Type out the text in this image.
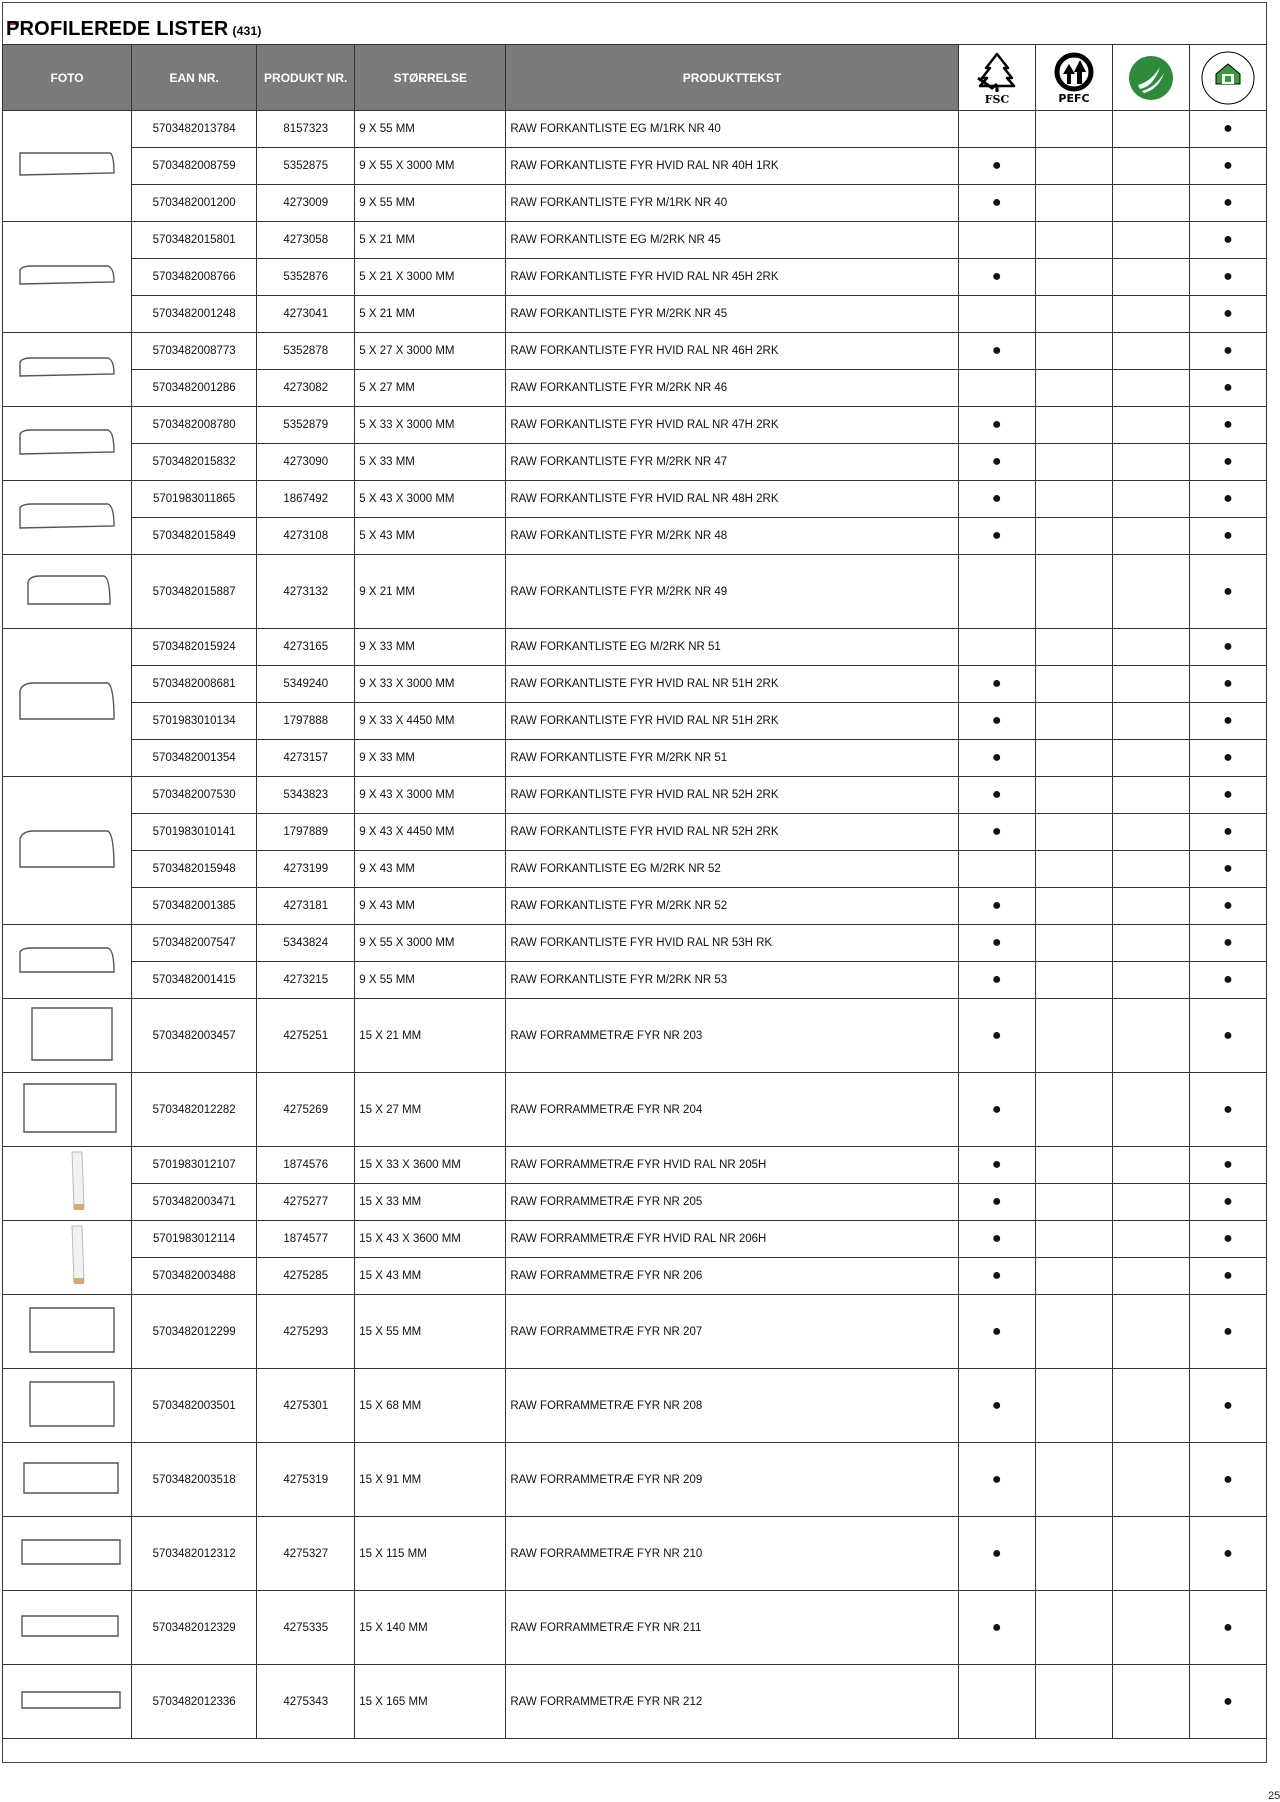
PROFILEREDE LISTER (431)
FOTO	EAN NR.	PRODUKT NR.	STØRRELSE	PRODUKTTEKST	FSC	PEFC

	5703482013784	8157323	9 X 55 MM	RAW FORKANTLISTE EG M/1RK NR 40				●
	5703482008759	5352875	9 X 55 X 3000 MM	RAW FORKANTLISTE FYR HVID RAL NR 40H 1RK	●			●
	5703482001200	4273009	9 X 55 MM	RAW FORKANTLISTE FYR M/1RK NR 40	●			●
	5703482015801	4273058	5 X 21 MM	RAW FORKANTLISTE EG M/2RK NR 45				●
	5703482008766	5352876	5 X 21 X 3000 MM	RAW FORKANTLISTE FYR HVID RAL NR 45H 2RK	●			●
	5703482001248	4273041	5 X 21 MM	RAW FORKANTLISTE FYR M/2RK NR 45				●
	5703482008773	5352878	5 X 27 X 3000 MM	RAW FORKANTLISTE FYR HVID RAL NR 46H 2RK	●			●
	5703482001286	4273082	5 X 27 MM	RAW FORKANTLISTE FYR M/2RK NR 46				●
	5703482008780	5352879	5 X 33 X 3000 MM	RAW FORKANTLISTE FYR HVID RAL NR 47H 2RK	●			●
	5703482015832	4273090	5 X 33 MM	RAW FORKANTLISTE FYR M/2RK NR 47	●			●
	5701983011865	1867492	5 X 43 X 3000 MM	RAW FORKANTLISTE FYR HVID RAL NR 48H 2RK	●			●
	5703482015849	4273108	5 X 43 MM	RAW FORKANTLISTE FYR M/2RK NR 48	●			●
	5703482015887	4273132	9 X 21 MM	RAW FORKANTLISTE FYR M/2RK NR 49				●
	5703482015924	4273165	9 X 33 MM	RAW FORKANTLISTE EG M/2RK NR 51				●
	5703482008681	5349240	9 X 33 X 3000 MM	RAW FORKANTLISTE FYR HVID RAL NR 51H 2RK	●			●
	5701983010134	1797888	9 X 33 X 4450 MM	RAW FORKANTLISTE FYR HVID RAL NR 51H 2RK	●			●
	5703482001354	4273157	9 X 33 MM	RAW FORKANTLISTE FYR M/2RK NR 51	●			●
	5703482007530	5343823	9 X 43 X 3000 MM	RAW FORKANTLISTE FYR HVID RAL NR 52H 2RK	●			●
	5701983010141	1797889	9 X 43 X 4450 MM	RAW FORKANTLISTE FYR HVID RAL NR 52H 2RK	●			●
	5703482015948	4273199	9 X 43 MM	RAW FORKANTLISTE EG M/2RK NR 52				●
	5703482001385	4273181	9 X 43 MM	RAW FORKANTLISTE FYR M/2RK NR 52	●			●
	5703482007547	5343824	9 X 55 X 3000 MM	RAW FORKANTLISTE FYR HVID RAL NR 53H RK	●			●
	5703482001415	4273215	9 X 55 MM	RAW FORKANTLISTE FYR M/2RK NR 53	●			●
	5703482003457	4275251	15 X 21 MM	RAW FORRAMMETRÆ FYR NR 203	●			●
	5703482012282	4275269	15 X 27 MM	RAW FORRAMMETRÆ FYR NR 204	●			●
	5701983012107	1874576	15 X 33 X 3600 MM	RAW FORRAMMETRÆ FYR HVID RAL NR 205H	●			●
	5703482003471	4275277	15 X 33 MM	RAW FORRAMMETRÆ FYR NR 205	●			●
	5701983012114	1874577	15 X 43 X 3600 MM	RAW FORRAMMETRÆ FYR HVID RAL NR 206H	●			●
	5703482003488	4275285	15 X 43 MM	RAW FORRAMMETRÆ FYR NR 206	●			●
	5703482012299	4275293	15 X 55 MM	RAW FORRAMMETRÆ FYR NR 207	●			●
	5703482003501	4275301	15 X 68 MM	RAW FORRAMMETRÆ FYR NR 208	●			●
	5703482003518	4275319	15 X 91 MM	RAW FORRAMMETRÆ FYR NR 209	●			●
	5703482012312	4275327	15 X 115 MM	RAW FORRAMMETRÆ FYR NR 210	●			●
	5703482012329	4275335	15 X 140 MM	RAW FORRAMMETRÆ FYR NR 211	●			●
	5703482012336	4275343	15 X 165 MM	RAW FORRAMMETRÆ FYR NR 212				●
25
